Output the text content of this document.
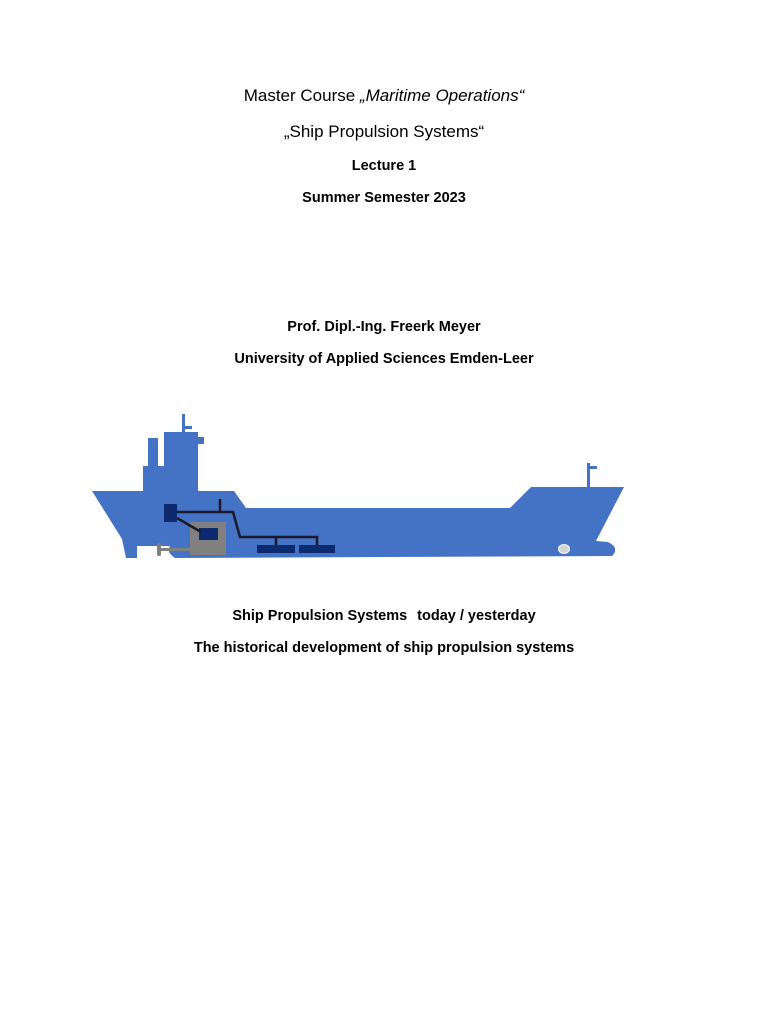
Master Course „Maritime Operations“
„Ship Propulsion Systems“
Lecture 1
Summer Semester 2023
Prof. Dipl.-Ing. Freerk Meyer
University of Applied Sciences Emden-Leer
Ship Propulsion Systems today / yesterday
The historical development of ship propulsion systems
